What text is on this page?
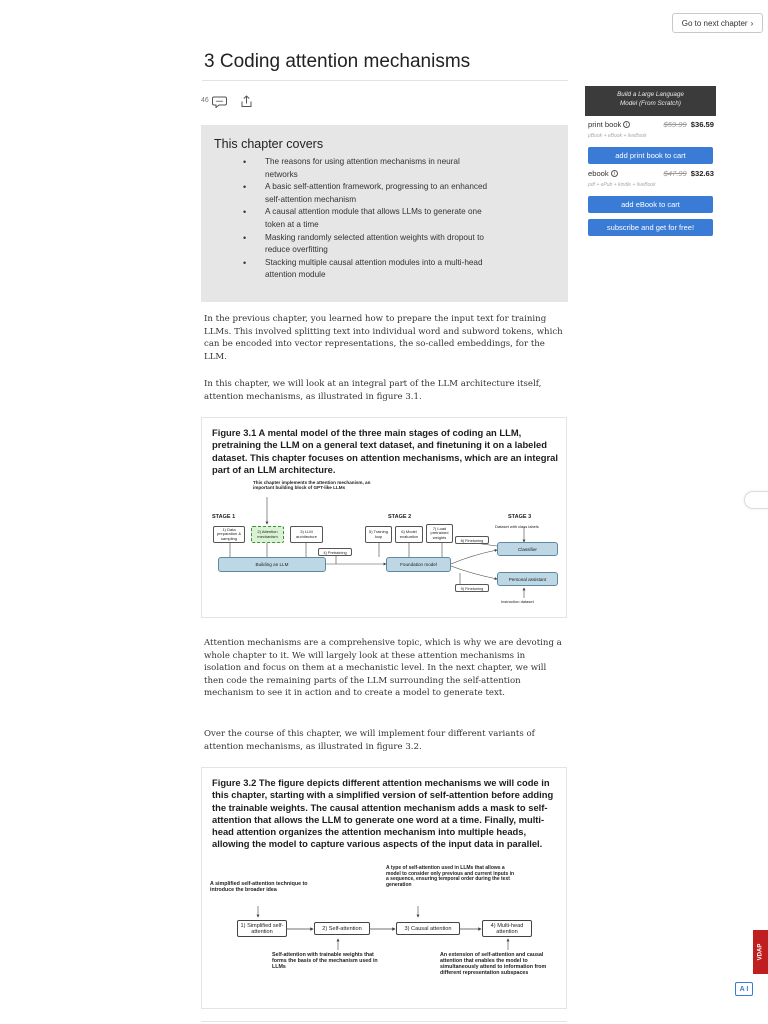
Go to next chapter ›
3 Coding attention mechanisms
46
This chapter covers
• The reasons for using attention mechanisms in neural networks
• A basic self-attention framework, progressing to an enhanced self-attention mechanism
• A causal attention module that allows LLMs to generate one token at a time
• Masking randomly selected attention weights with dropout to reduce overfitting
• Stacking multiple causal attention modules into a multi-head attention module

In the previous chapter, you learned how to prepare the input text for training LLMs. This involved splitting text into individual word and subword tokens, which can be encoded into vector representations, the so-called embeddings, for the LLM.

In this chapter, we will look at an integral part of the LLM architecture itself, attention mechanisms, as illustrated in figure 3.1.

Figure 3.1 A mental model of the three main stages of coding an LLM, pretraining the LLM on a general text dataset, and finetuning it on a labeled dataset. This chapter focuses on attention mechanisms, which are an integral part of an LLM architecture.

This chapter implements the attention mechanism, an important building block of GPT-like LLMs
STAGE 1	STAGE 2	STAGE 3
Dataset with class labels
1) Data preparation & sampling
2) Attention mechanism
3) LLM architecture
5) Training loop
6) Model evaluation
7) Load pretrained weights
4) Pretraining
8) Finetuning
9) Finetuning
Building an LLM	Foundation model
Classifier
Personal assistant
Instruction dataset

Attention mechanisms are a comprehensive topic, which is why we are devoting a whole chapter to it. We will largely look at these attention mechanisms in isolation and focus on them at a mechanistic level. In the next chapter, we will then code the remaining parts of the LLM surrounding the self-attention mechanism to see it in action and to create a model to generate text.

Over the course of this chapter, we will implement four different variants of attention mechanisms, as illustrated in figure 3.2.

Figure 3.2 The figure depicts different attention mechanisms we will code in this chapter, starting with a simplified version of self-attention before adding the trainable weights. The causal attention mechanism adds a mask to self-attention that allows the LLM to generate one word at a time. Finally, multi-head attention organizes the attention mechanism into multiple heads, allowing the model to capture various aspects of the input data in parallel.

A type of self-attention used in LLMs that allows a model to consider only previous and current inputs in a sequence, ensuring temporal order during the text generation
A simplified self-attention technique to introduce the broader idea
1) Simplified self-attention	2) Self-attention	3) Causal attention	4) Multi-head attention
Self-attention with trainable weights that forms the basis of the mechanism used in LLMs
An extension of self-attention and causal attention that enables the model to simultaneously attend to information from different representation subspaces
Build a Large Language
Model (From Scratch)
print book i	$59.99 $36.59
pBook + eBook + liveBook
add print book to cart
ebook i	$47.99 $32.63
pdf + ePub + kindle + liveBook
add eBook to cart
subscribe and get for free!
VDAP
A I
